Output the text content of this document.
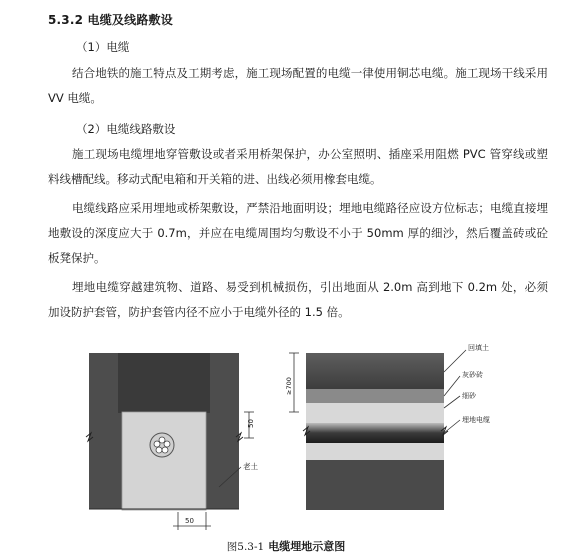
5.3.2 电缆及线路敷设
（1）电缆
结合地铁的施工特点及工期考虑，施工现场配置的电缆一律使用铜芯电缆。施工现场干线采用 VV 电缆。
（2）电缆线路敷设
施工现场电缆埋地穿管敷设或者采用桥架保护，办公室照明、插座采用阻燃 PVC 管穿线或塑料线槽配线。移动式配电箱和开关箱的进、出线必须用橡套电缆。
电缆线路应采用埋地或桥架敷设，严禁沿地面明设；埋地电缆路径应设方位标志；电缆直接埋地敷设的深度应大于 0.7m，并应在电缆周围均匀敷设不小于 50mm 厚的细沙，然后覆盖砖或砼板凳保护。
埋地电缆穿越建筑物、道路、易受到机械损伤，引出地面从 2.0m 高到地下 0.2m 处，必须加设防护套管，防护套管内径不应小于电缆外径的 1.5 倍。
50
老土
50
≥700
回填土
灰砂砖
细砂
埋地电缆
图5.3-1 电缆埋地示意图
